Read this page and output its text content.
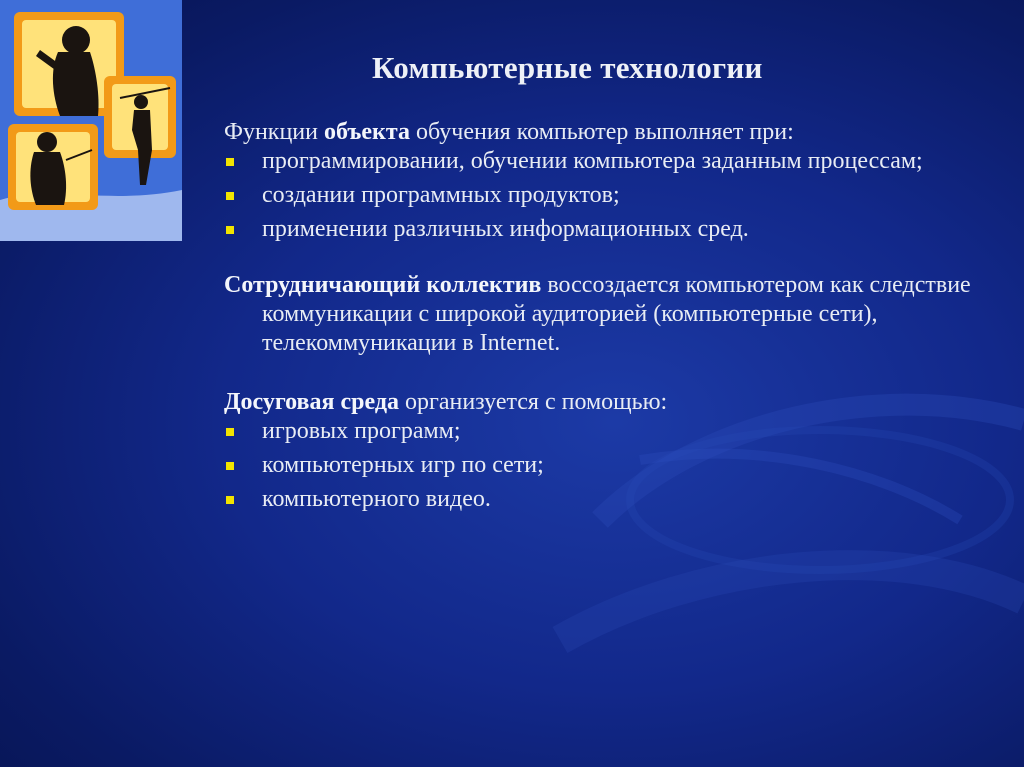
Компьютерные технологии

Функции объекта обучения компьютер выполняет при:

программировании, обучении компьютера заданным процессам;
создании программных продуктов;
применении различных информационных сред.

Сотрудничающий коллектив воссоздается компьютером как следствие коммуникации с широкой аудиторией (компьютерные сети), телекоммуникации в Internet.

Досуговая среда организуется с помощью:

игровых программ;
компьютерных игр по сети;
компьютерного видео.
